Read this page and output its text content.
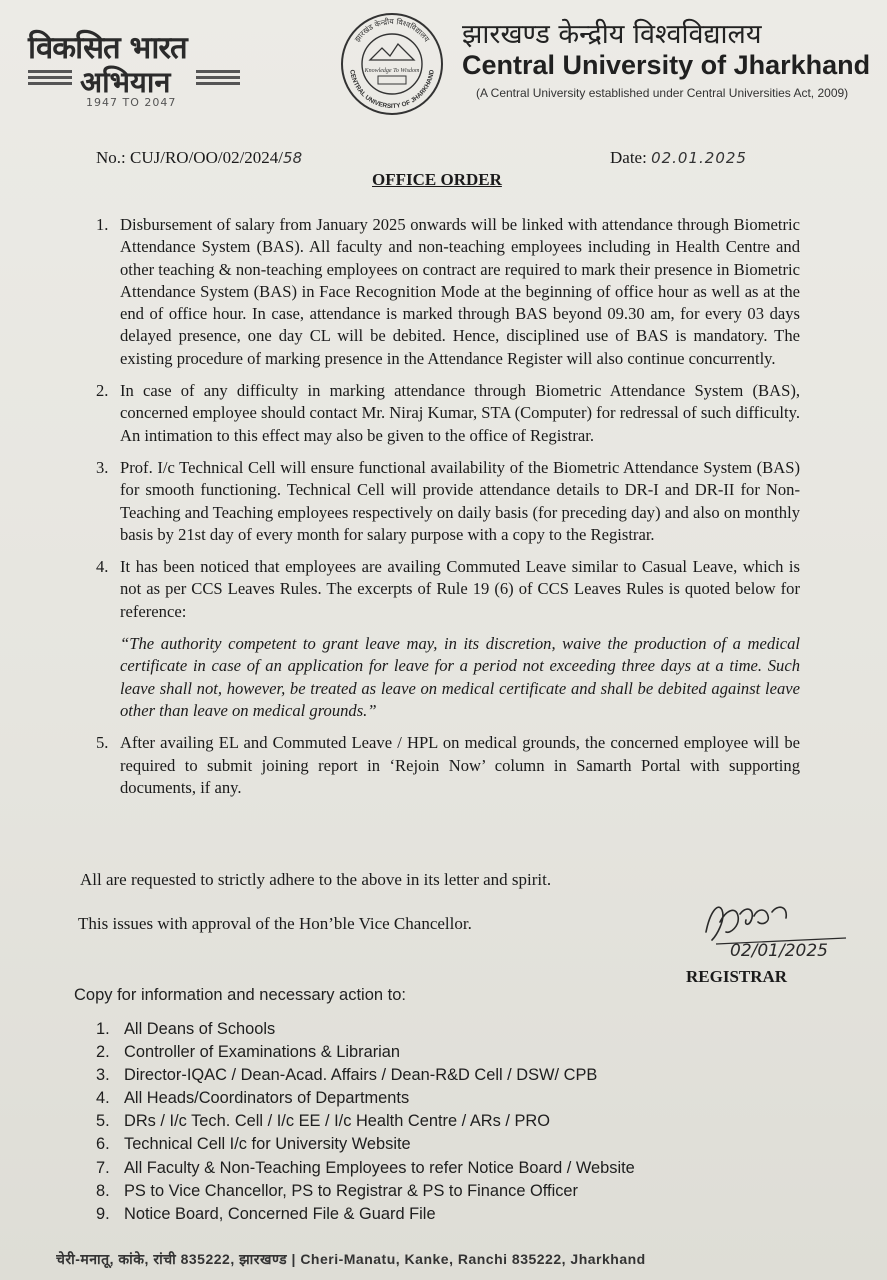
विकसित भारत
अभियान
1947 TO 2047
झारखंड केन्द्रीय विश्वविद्यालय
CENTRAL UNIVERSITY OF JHARKHAND
Knowledge To Wisdom
झारखण्ड केन्द्रीय विश्वविद्यालय
Central University of Jharkhand
(A Central University established under Central Universities Act, 2009)
No.: CUJ/RO/OO/02/2024/58	Date: 02.01.2025
OFFICE ORDER
1. Disbursement of salary from January 2025 onwards will be linked with attendance through Biometric Attendance System (BAS). All faculty and non-teaching employees including in Health Centre and other teaching & non-teaching employees on contract are required to mark their presence in Biometric Attendance System (BAS) in Face Recognition Mode at the beginning of office hour as well as at the end of office hour. In case, attendance is marked through BAS beyond 09.30 am, for every 03 days delayed presence, one day CL will be debited. Hence, disciplined use of BAS is mandatory. The existing procedure of marking presence in the Attendance Register will also continue concurrently.
2. In case of any difficulty in marking attendance through Biometric Attendance System (BAS), concerned employee should contact Mr. Niraj Kumar, STA (Computer) for redressal of such difficulty. An intimation to this effect may also be given to the office of Registrar.
3. Prof. I/c Technical Cell will ensure functional availability of the Biometric Attendance System (BAS) for smooth functioning. Technical Cell will provide attendance details to DR-I and DR-II for Non-Teaching and Teaching employees respectively on daily basis (for preceding day) and also on monthly basis by 21st day of every month for salary purpose with a copy to the Registrar.
4. It has been noticed that employees are availing Commuted Leave similar to Casual Leave, which is not as per CCS Leaves Rules. The excerpts of Rule 19 (6) of CCS Leaves Rules is quoted below for reference:

“The authority competent to grant leave may, in its discretion, waive the production of a medical certificate in case of an application for leave for a period not exceeding three days at a time. Such leave shall not, however, be treated as leave on medical certificate and shall be debited against leave other than leave on medical grounds.”

5. After availing EL and Commuted Leave / HPL on medical grounds, the concerned employee will be required to submit joining report in ‘Rejoin Now’ column in Samarth Portal with supporting documents, if any.
All are requested to strictly adhere to the above in its letter and spirit.
This issues with approval of the Hon’ble Vice Chancellor.
02/01/2025
REGISTRAR
Copy for information and necessary action to:
1. All Deans of Schools
2. Controller of Examinations & Librarian
3. Director-IQAC / Dean-Acad. Affairs / Dean-R&D Cell / DSW/ CPB
4. All Heads/Coordinators of Departments
5. DRs / I/c Tech. Cell / I/c EE / I/c Health Centre / ARs / PRO
6. Technical Cell I/c for University Website
7. All Faculty & Non-Teaching Employees to refer Notice Board / Website
8. PS to Vice Chancellor, PS to Registrar & PS to Finance Officer
9. Notice Board, Concerned File & Guard File
चेरी-मनातू, कांके, रांची 835222, झारखण्ड | Cheri-Manatu, Kanke, Ranchi 835222, Jharkhand
